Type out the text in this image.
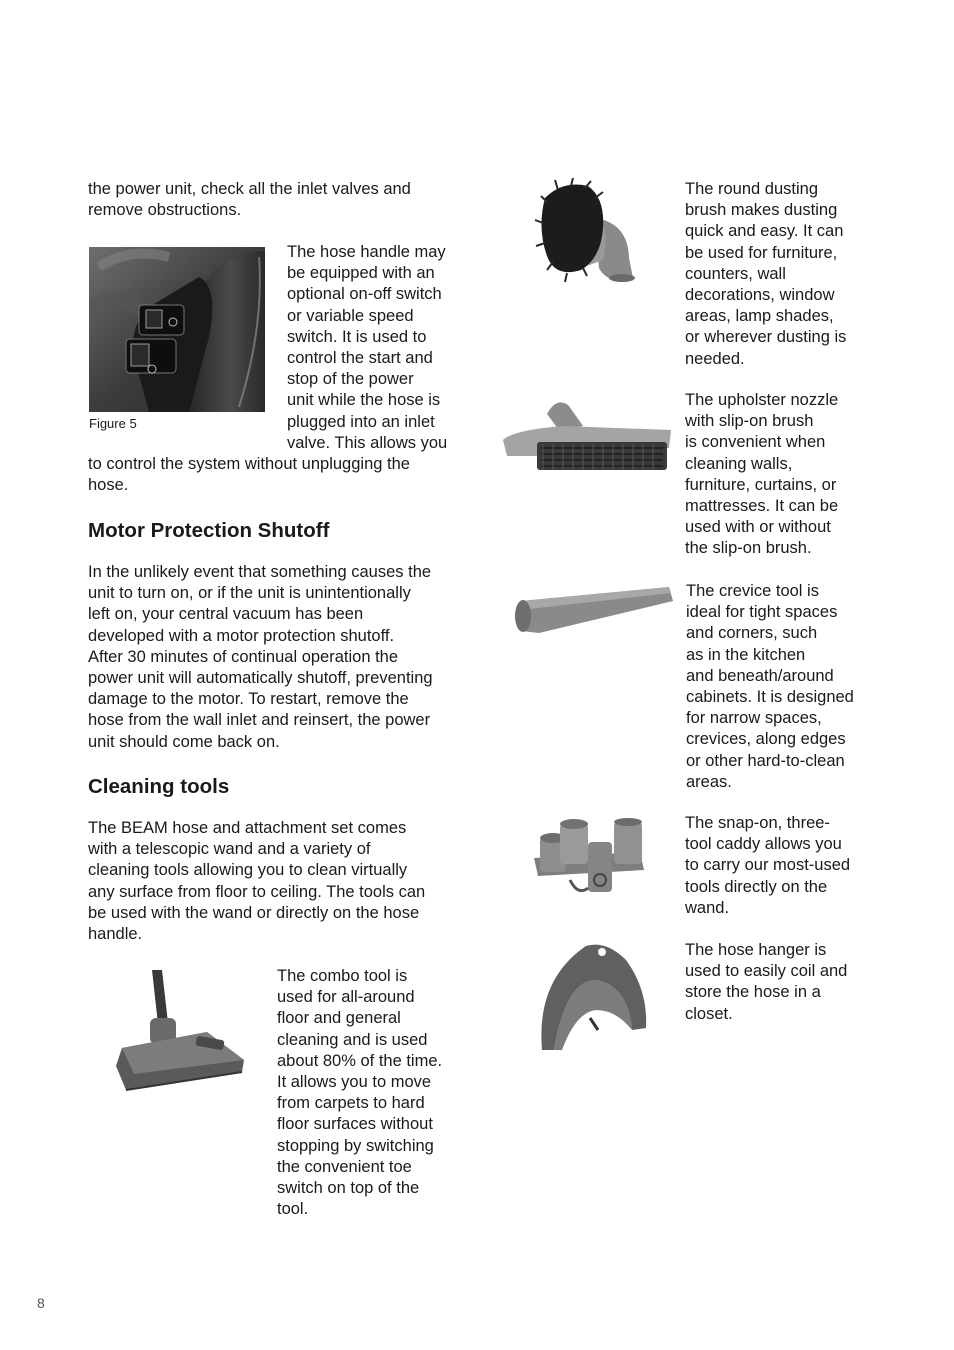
the power unit, check all the inlet valves and remove obstructions.

Figure 5

The hose handle may
be equipped with an
optional on-off switch
or variable speed
switch. It is used to
control the start and
stop of the power
unit while the hose is
plugged into an inlet
valve. This allows you

to control the system without unplugging the
hose.

Motor Protection Shutoff

In the unlikely event that something causes the
unit to turn on, or if the unit is unintentionally
left on, your central vacuum has been
developed with a motor protection shutoff.
After 30 minutes of continual operation the
power unit will automatically shutoff, preventing
damage to the motor. To restart, remove the
hose from the wall inlet and reinsert, the power
unit should come back on.

Cleaning tools

The BEAM hose and attachment set comes
with a telescopic wand and a variety of
cleaning tools allowing you to clean virtually
any surface from floor to ceiling. The tools can
be used with the wand or directly on the hose
handle.

The combo tool is
used for all-around
floor and general
cleaning and is used
about 80% of the time.
It allows you to move
from carpets to hard
floor surfaces without
stopping by switching
the convenient toe
switch on top of the
tool.

The round dusting
brush makes dusting
quick and easy. It can
be used for furniture,
counters, wall
decorations, window
areas, lamp shades,
or wherever dusting is
needed.

The upholster nozzle
with slip-on brush
is convenient when
cleaning walls,
furniture, curtains, or
mattresses. It can be
used with or without
the slip-on brush.

The crevice tool is
ideal for tight spaces
and corners, such
as in the kitchen
and beneath/around
cabinets. It is designed
for narrow spaces,
crevices, along edges
or other hard-to-clean
areas.

The snap-on, three-
tool caddy allows you
to carry our most-used
tools directly on the
wand.

The hose hanger is
used to easily coil and
store the hose in a
closet.

8
